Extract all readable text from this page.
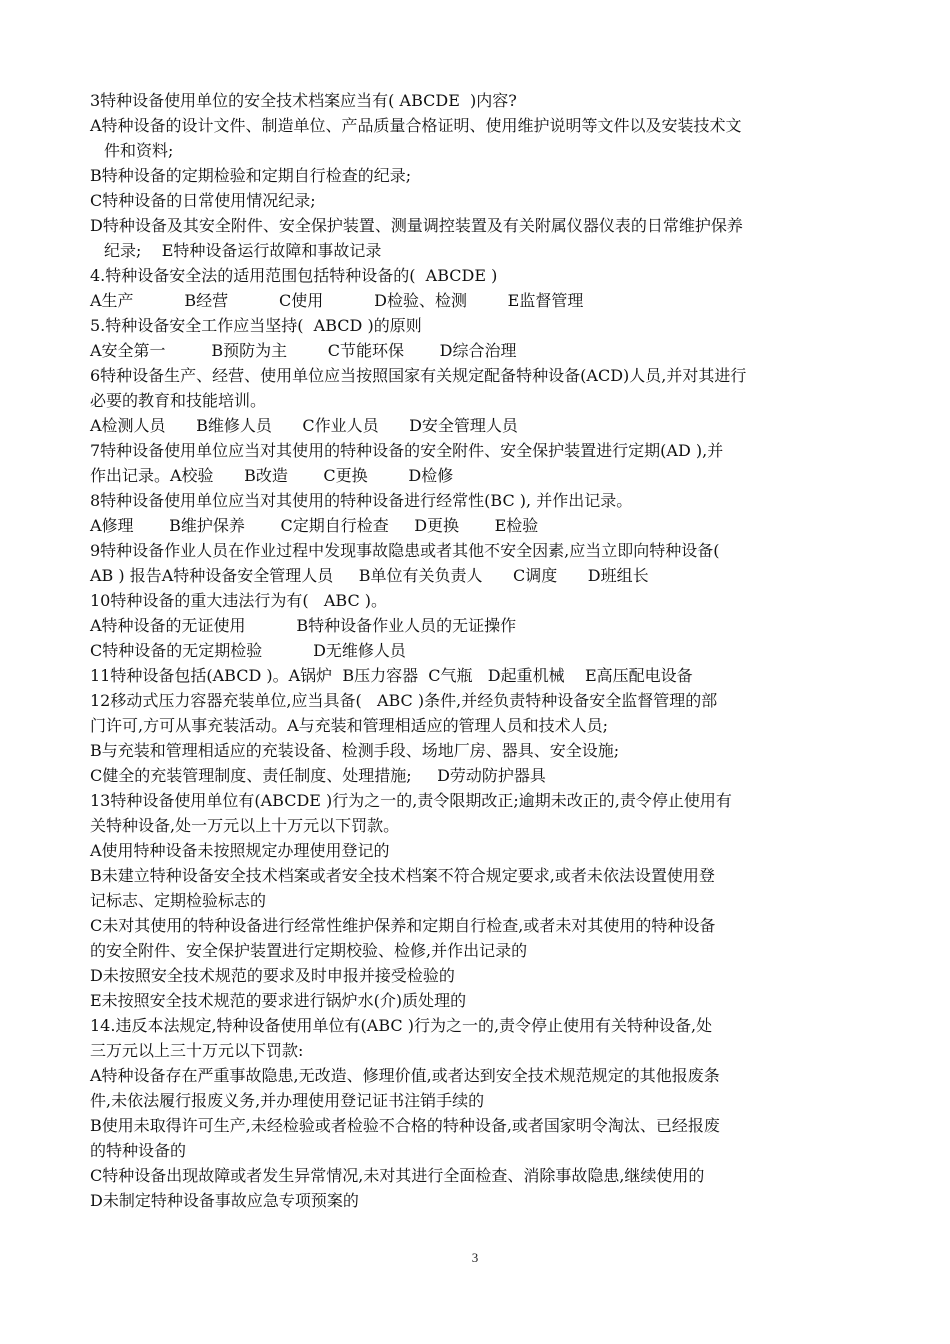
3特种设备使用单位的安全技术档案应当有( ABCDE  )内容?
A特种设备的设计文件、制造单位、产品质量合格证明、使用维护说明等文件以及安装技术文
件和资料;
B特种设备的定期检验和定期自行检查的纪录;
C特种设备的日常使用情况纪录;
D特种设备及其安全附件、安全保护装置、测量调控装置及有关附属仪器仪表的日常维护保养
纪录;    E特种设备运行故障和事故记录
4.特种设备安全法的适用范围包括特种设备的(  ABCDE )
A生产          B经营          C使用          D检验、检测        E监督管理
5.特种设备安全工作应当坚持(  ABCD )的原则
A安全第一         B预防为主        C节能环保       D综合治理
6特种设备生产、经营、使用单位应当按照国家有关规定配备特种设备(ACD)人员,并对其进行
必要的教育和技能培训。
A检测人员      B维修人员      C作业人员      D安全管理人员
7特种设备使用单位应当对其使用的特种设备的安全附件、安全保护装置进行定期(AD ),并
作出记录。A校验      B改造       C更换        D检修
8特种设备使用单位应当对其使用的特种设备进行经常性(BC ), 并作出记录。
A修理       B维护保养       C定期自行检查     D更换       E检验
9特种设备作业人员在作业过程中发现事故隐患或者其他不安全因素,应当立即向特种设备(
AB ) 报告A特种设备安全管理人员     B单位有关负责人      C调度      D班组长
10特种设备的重大违法行为有(   ABC )。
A特种设备的无证使用          B特种设备作业人员的无证操作
C特种设备的无定期检验          D无维修人员
11特种设备包括(ABCD )。A锅炉  B压力容器  C气瓶   D起重机械    E高压配电设备
12移动式压力容器充装单位,应当具备(   ABC )条件,并经负责特种设备安全监督管理的部
门许可,方可从事充装活动。A与充装和管理相适应的管理人员和技术人员;
B与充装和管理相适应的充装设备、检测手段、场地厂房、器具、安全设施;
C健全的充装管理制度、责任制度、处理措施;     D劳动防护器具
13特种设备使用单位有(ABCDE )行为之一的,责令限期改正;逾期未改正的,责令停止使用有
关特种设备,处一万元以上十万元以下罚款。
A使用特种设备未按照规定办理使用登记的
B未建立特种设备安全技术档案或者安全技术档案不符合规定要求,或者未依法设置使用登
记标志、定期检验标志的
C未对其使用的特种设备进行经常性维护保养和定期自行检查,或者未对其使用的特种设备
的安全附件、安全保护装置进行定期校验、检修,并作出记录的
D未按照安全技术规范的要求及时申报并接受检验的
E未按照安全技术规范的要求进行锅炉水(介)质处理的
14.违反本法规定,特种设备使用单位有(ABC )行为之一的,责令停止使用有关特种设备,处
三万元以上三十万元以下罚款:
A特种设备存在严重事故隐患,无改造、修理价值,或者达到安全技术规范规定的其他报废条
件,未依法履行报废义务,并办理使用登记证书注销手续的
B使用未取得许可生产,未经检验或者检验不合格的特种设备,或者国家明令淘汰、已经报废
的特种设备的
C特种设备出现故障或者发生异常情况,未对其进行全面检查、消除事故隐患,继续使用的
D未制定特种设备事故应急专项预案的
3
